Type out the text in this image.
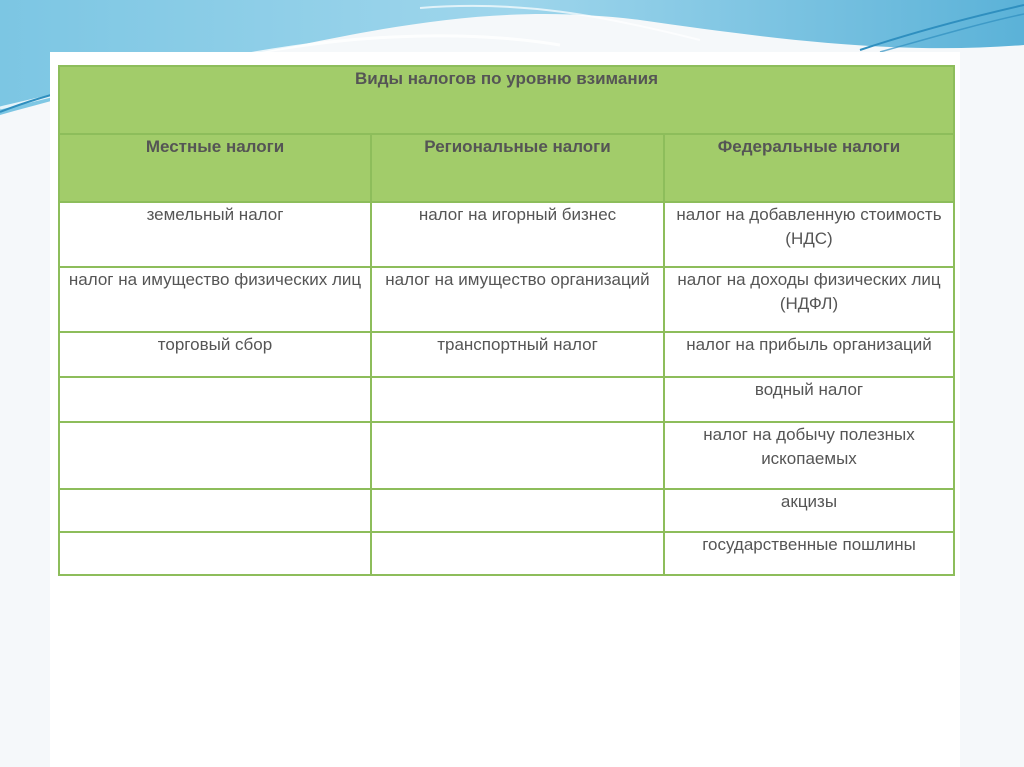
Виды налогов по уровню взимания		
Местные налоги	Региональные налоги	Федеральные налоги
земельный налог	налог на игорный бизнес	налог на добавленную стоимость (НДС)
налог на имущество физических лиц	налог на имущество организаций	налог на доходы физических лиц (НДФЛ)
торговый сбор	транспортный налог	налог на прибыль организаций
		водный налог
		налог на добычу полезных ископаемых
		акцизы
		государственные пошлины
